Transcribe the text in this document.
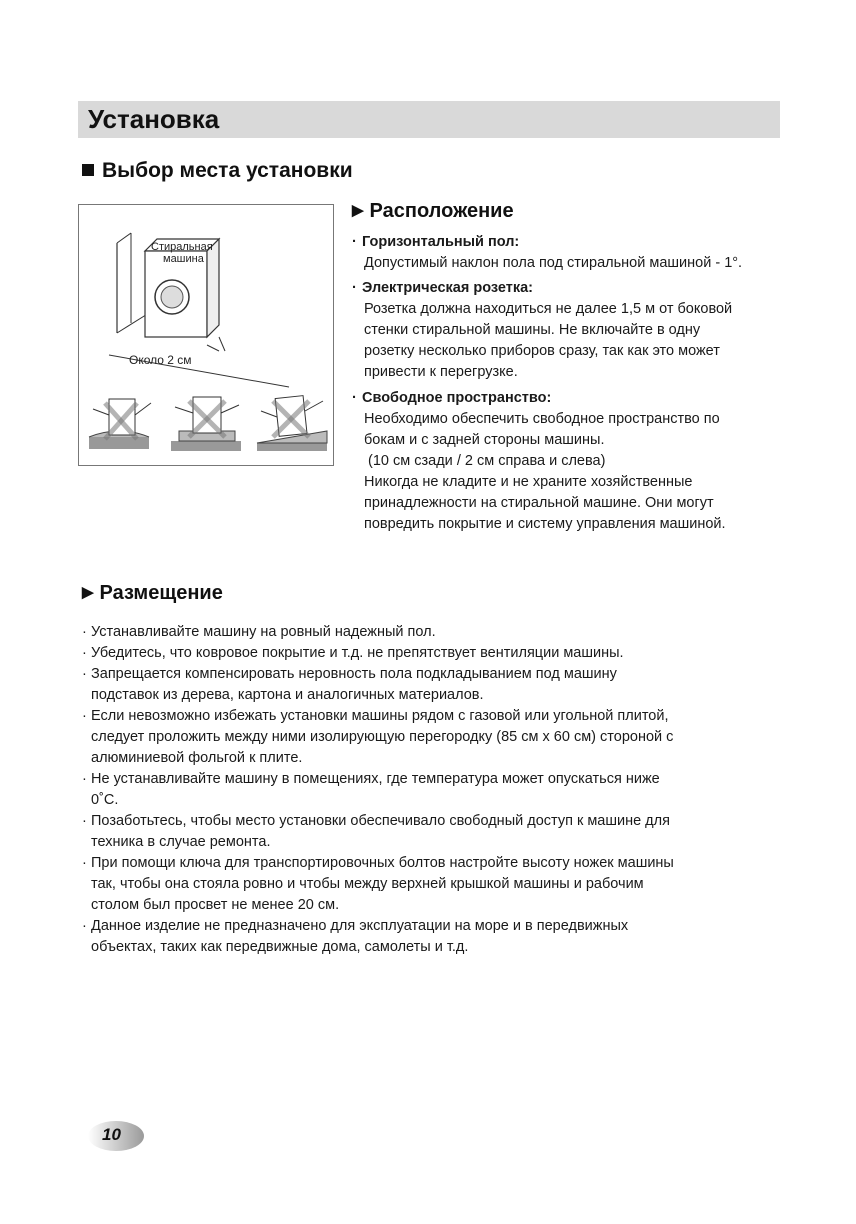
Установка
Выбор места установки
Стиральная
машина
Около 2 см
▶ Расположение
· Горизонтальный пол:
Допустимый наклон пола под стиральной машиной - 1°.
· Электрическая розетка:
Розетка должна находиться не далее 1,5 м от боковой
стенки стиральной машины. Не включайте в одну
розетку несколько приборов сразу, так как это может
привести к перегрузке.
· Свободное пространство:
Необходимо обеспечить свободное пространство по
бокам и с задней стороны машины.
(10 см сзади / 2 см справа и слева)
Никогда не кладите и не храните хозяйственные
принадлежности на стиральной машине. Они могут
повредить покрытие и систему управления машиной.
▶ Размещение
· Устанавливайте машину на ровный надежный пол.
· Убедитесь, что ковровое покрытие и т.д. не препятствует вентиляции машины.
· Запрещается компенсировать неровность пола подкладыванием под машину
подставок из дерева, картона и аналогичных материалов.
· Если невозможно избежать установки машины рядом с газовой или угольной плитой,
следует проложить между ними изолирующую перегородку (85 см x 60 см) стороной с
алюминиевой фольгой к плите.
· Не устанавливайте машину в помещениях, где температура может опускаться ниже
0˚C.
· Позаботьтесь, чтобы место установки обеспечивало свободный доступ к машине для
техника в случае ремонта.
· При помощи ключа для транспортировочных болтов настройте высоту ножек машины
так, чтобы она стояла ровно и чтобы между верхней крышкой машины и рабочим
столом был просвет не менее 20 см.
· Данное изделие не предназначено для эксплуатации на море и в передвижных
объектах, таких как передвижные дома, самолеты и т.д.
10
